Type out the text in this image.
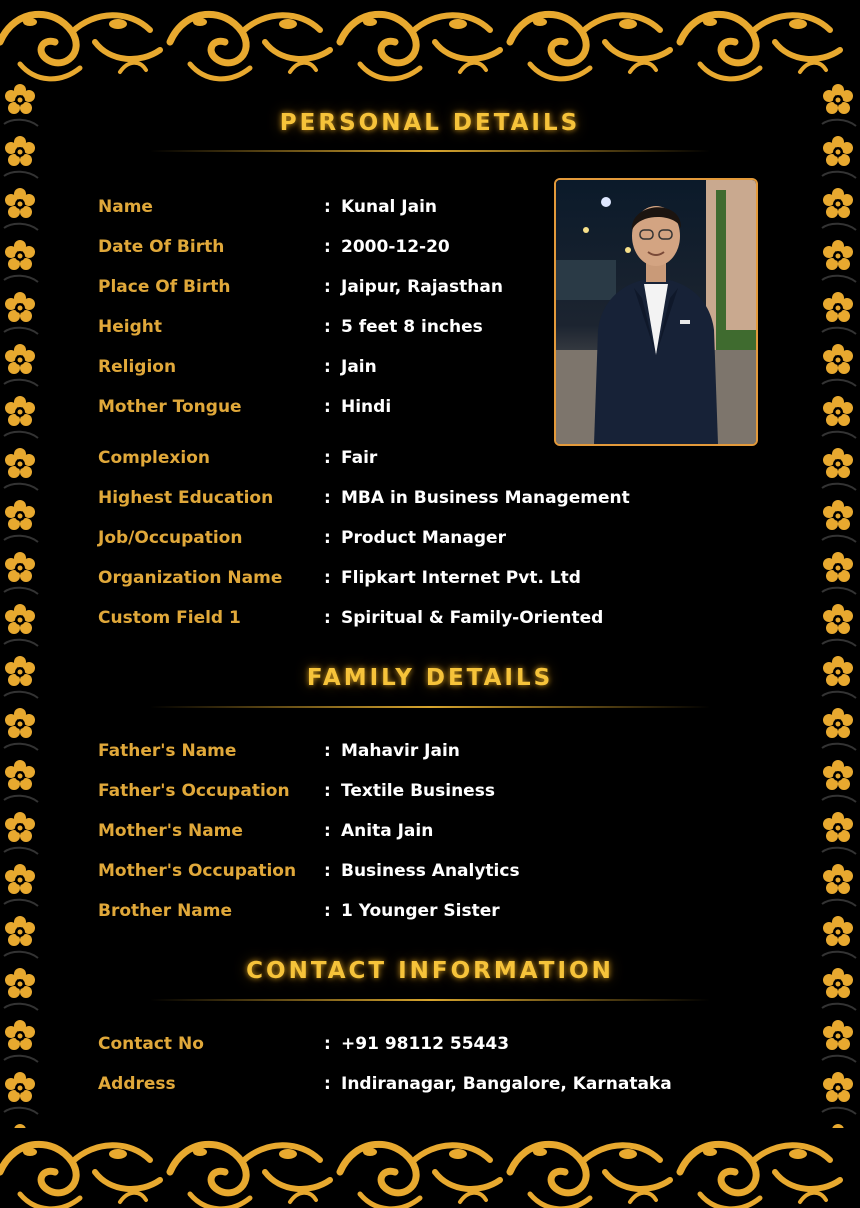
PERSONAL DETAILS
Name	: Kunal Jain
Date Of Birth	: 2000-12-20
Place Of Birth	: Jaipur, Rajasthan
Height	: 5 feet 8 inches
Religion	: Jain
Mother Tongue	: Hindi
Complexion	: Fair
Highest Education	: MBA in Business Management
Job/Occupation	: Product Manager
Organization Name : Flipkart Internet Pvt. Ltd
Custom Field 1	: Spiritual & Family-Oriented
FAMILY DETAILS
Father's Name	: Mahavir Jain
Father's Occupation : Textile Business
Mother's Name	: Anita Jain
Mother's Occupation : Business Analytics
Brother Name	: 1 Younger Sister
CONTACT INFORMATION
Contact No	: +91 98112 55443
Address	: Indiranagar, Bangalore, Karnataka
